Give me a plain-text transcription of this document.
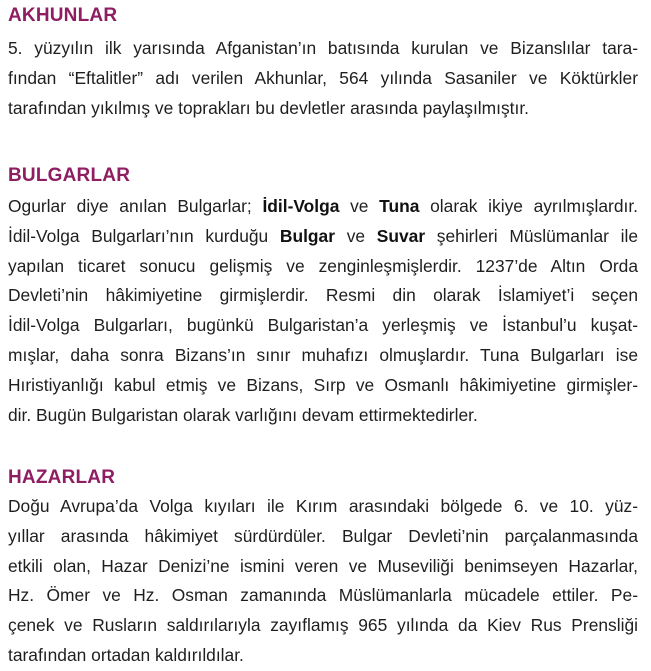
AKHUNLAR

5. yüzyılın ilk yarısında Afganistan’ın batısında kurulan ve Bizanslılar tara-
fından “Eftalitler” adı verilen Akhunlar, 564 yılında Sasaniler ve Köktürkler
tarafından yıkılmış ve toprakları bu devletler arasında paylaşılmıştır.

BULGARLAR

Ogurlar diye anılan Bulgarlar; İdil-Volga ve Tuna olarak ikiye ayrılmışlardır.
İdil-Volga Bulgarları’nın kurduğu Bulgar ve Suvar şehirleri Müslümanlar ile
yapılan ticaret sonucu gelişmiş ve zenginleşmişlerdir. 1237’de Altın Orda
Devleti’nin hâkimiyetine girmişlerdir. Resmi din olarak İslamiyet’i seçen
İdil-Volga Bulgarları, bugünkü Bulgaristan’a yerleşmiş ve İstanbul’u kuşat-
mışlar, daha sonra Bizans’ın sınır muhafızı olmuşlardır. Tuna Bulgarları ise
Hıristiyanlığı kabul etmiş ve Bizans, Sırp ve Osmanlı hâkimiyetine girmişler-
dir. Bugün Bulgaristan olarak varlığını devam ettirmektedirler.

HAZARLAR

Doğu Avrupa’da Volga kıyıları ile Kırım arasındaki bölgede 6. ve 10. yüz-
yıllar arasında hâkimiyet sürdürdüler. Bulgar Devleti’nin parçalanmasında
etkili olan, Hazar Denizi’ne ismini veren ve Museviliği benimseyen Hazarlar,
Hz. Ömer ve Hz. Osman zamanında Müslümanlarla mücadele ettiler. Pe-
çenek ve Rusların saldırılarıyla zayıflamış 965 yılında da Kiev Rus Prensliği
tarafından ortadan kaldırıldılar.
